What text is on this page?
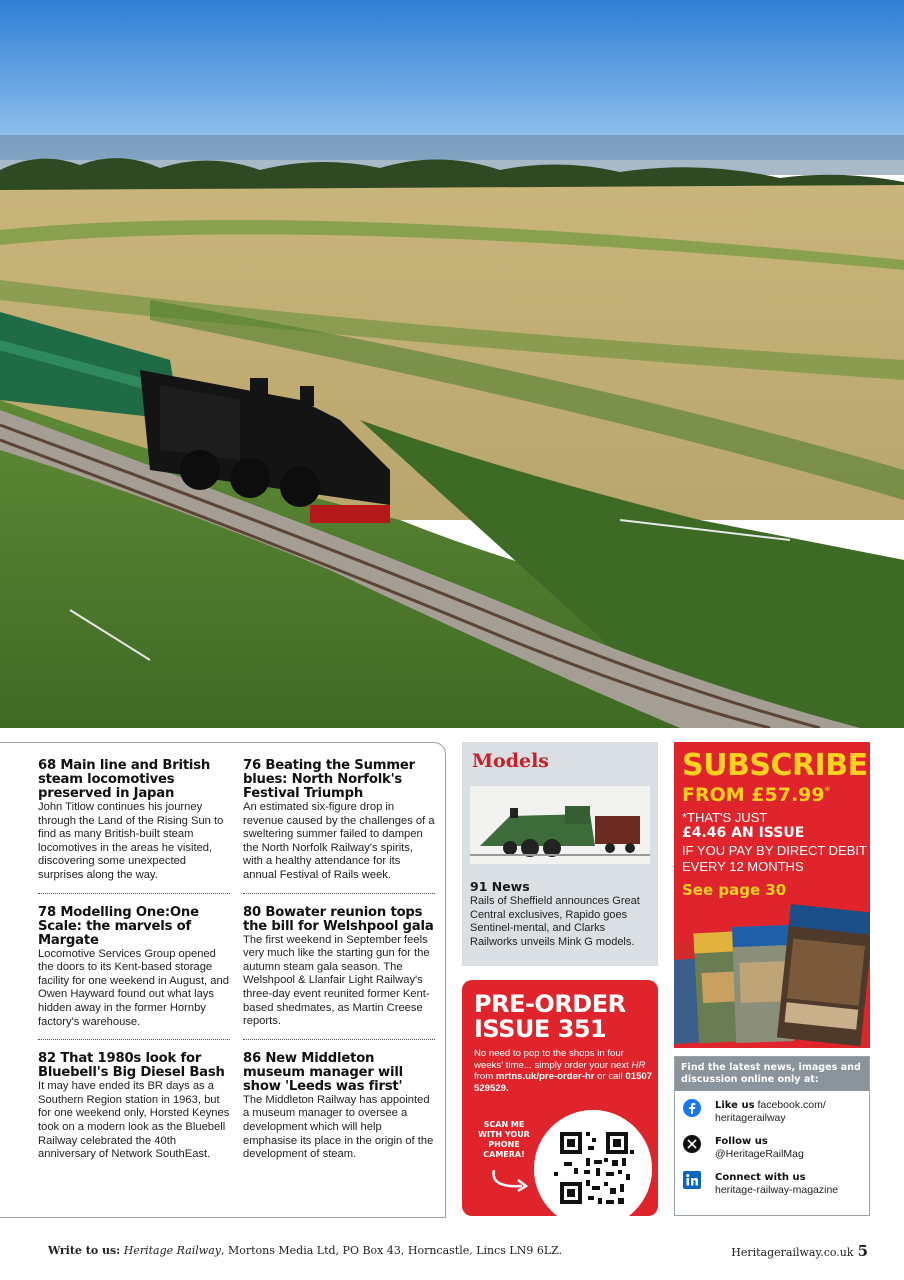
68 Main line and British steam locomotives preserved in Japan

John Titlow continues his journey through the Land of the Rising Sun to find as many British-built steam locomotives in the areas he visited, discovering some unexpected surprises along the way.

78 Modelling One:One Scale: the marvels of Margate

Locomotive Services Group opened the doors to its Kent-based storage facility for one weekend in August, and Owen Hayward found out what lays hidden away in the former Hornby factory's warehouse.

82 That 1980s look for Bluebell's Big Diesel Bash

It may have ended its BR days as a Southern Region station in 1963, but for one weekend only, Horsted Keynes took on a modern look as the Bluebell Railway celebrated the 40th anniversary of Network SouthEast.

76 Beating the Summer blues: North Norfolk's Festival Triumph

An estimated six-figure drop in revenue caused by the challenges of a sweltering summer failed to dampen the North Norfolk Railway's spirits, with a healthy attendance for its annual Festival of Rails week.

80 Bowater reunion tops the bill for Welshpool gala

The first weekend in September feels very much like the starting gun for the autumn steam gala season. The Welshpool & Llanfair Light Railway's three-day event reunited former Kent-based shedmates, as Martin Creese reports.

86 New Middleton museum manager will show 'Leeds was first'

The Middleton Railway has appointed a museum manager to oversee a development which will help emphasise its place in the origin of the development of steam.

Models
91 News
Rails of Sheffield announces Great Central exclusives, Rapido goes Sentinel-mental, and Clarks Railworks unveils Mink G models.
PRE-ORDER
ISSUE 351
No need to pop to the shops in four weeks' time... simply order your next HR from mrtns.uk/pre-order-hr or call 01507 529529.
SCAN ME WITH YOUR PHONE CAMERA!
SUBSCRIBE
FROM £57.99*
*THAT'S JUST
£4.46 AN ISSUE
IF YOU PAY BY DIRECT DEBIT EVERY 12 MONTHS
See page 30
Find the latest news, images and discussion online only at:
Like us facebook.com/ heritagerailway
Follow us
@HeritageRailMag
Connect with us
heritage-railway-magazine
Write to us: Heritage Railway, Mortons Media Ltd, PO Box 43, Horncastle, Lincs LN9 6LZ.	Heritagerailway.co.uk 5
